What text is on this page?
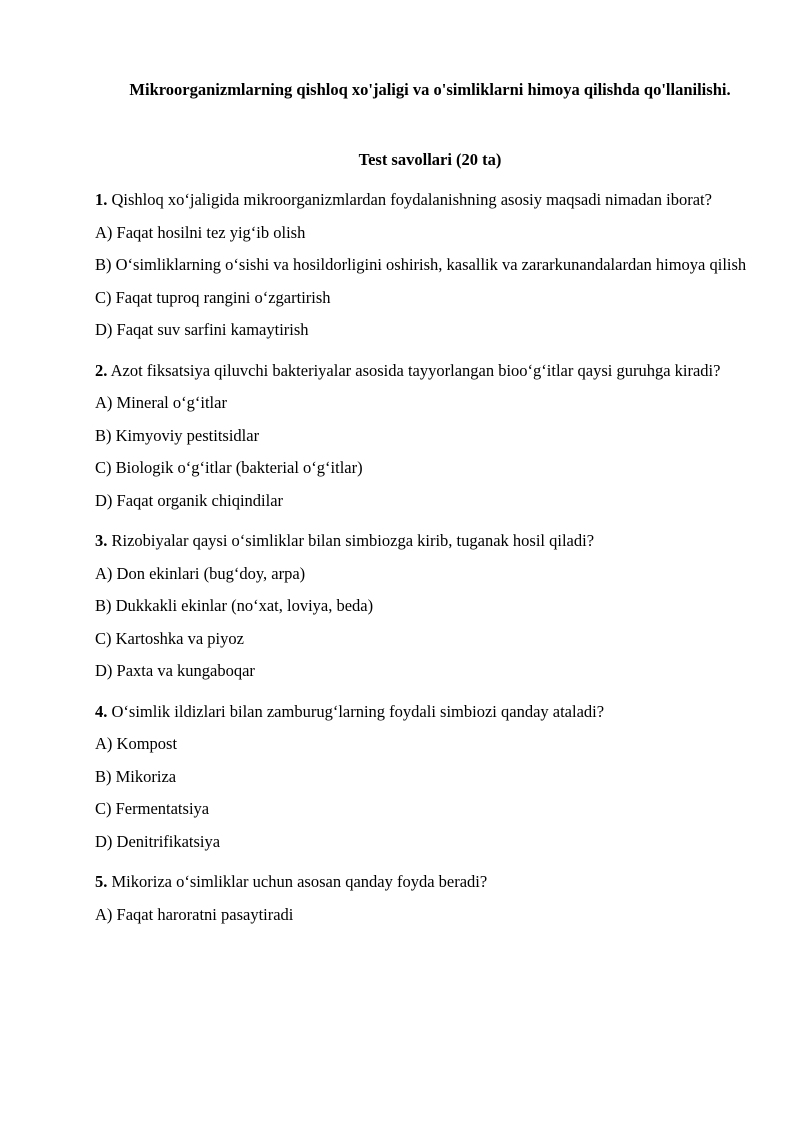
Mikroorganizmlarning qishloq xo'jaligi va o'simliklarni himoya qilishda qo'llanilishi.
Test savollari (20 ta)

1. Qishloq xo‘jaligida mikroorganizmlardan foydalanishning asosiy maqsadi nimadan iborat?

A) Faqat hosilni tez yig‘ib olish

B) O‘simliklarning o‘sishi va hosildorligini oshirish, kasallik va zararkunandalardan himoya qilish

C) Faqat tuproq rangini o‘zgartirish

D) Faqat suv sarfini kamaytirish

2. Azot fiksatsiya qiluvchi bakteriyalar asosida tayyorlangan bioo‘g‘itlar qaysi guruhga kiradi?

A) Mineral o‘g‘itlar

B) Kimyoviy pestitsidlar

C) Biologik o‘g‘itlar (bakterial o‘g‘itlar)

D) Faqat organik chiqindilar

3. Rizobiyalar qaysi o‘simliklar bilan simbiozga kirib, tuganak hosil qiladi?

A) Don ekinlari (bug‘doy, arpa)

B) Dukkakli ekinlar (no‘xat, loviya, beda)

C) Kartoshka va piyoz

D) Paxta va kungaboqar

4. O‘simlik ildizlari bilan zamburug‘larning foydali simbiozi qanday ataladi?

A) Kompost

B) Mikoriza

C) Fermentatsiya

D) Denitrifikatsiya

5. Mikoriza o‘simliklar uchun asosan qanday foyda beradi?

A) Faqat haroratni pasaytiradi
